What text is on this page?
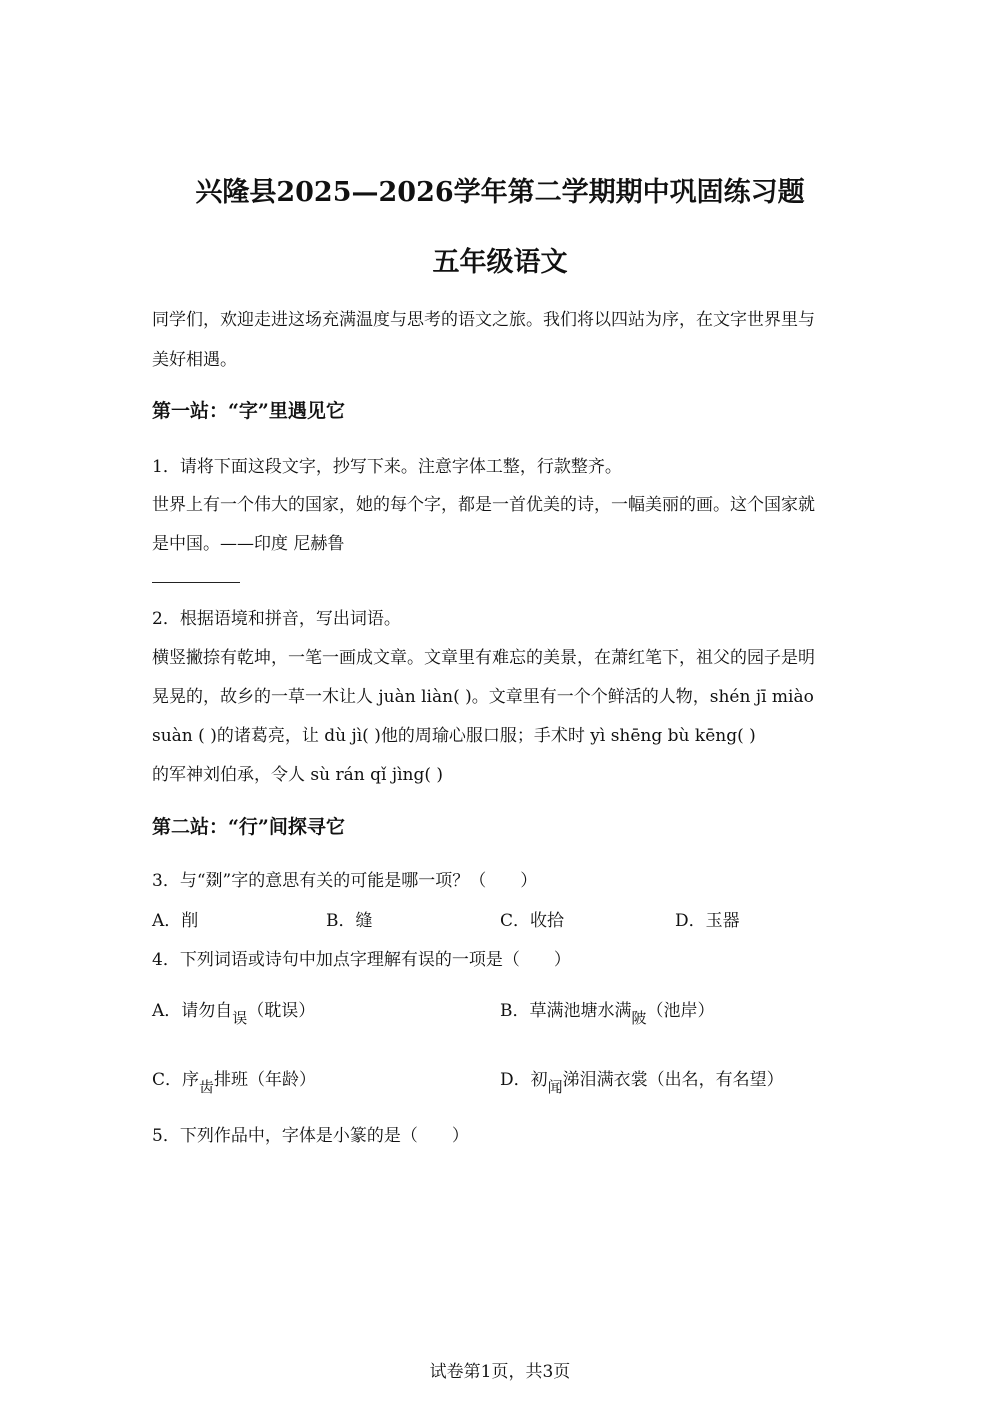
兴隆县2025—2026学年第二学期期中巩固练习题
五年级语文
同学们，欢迎走进这场充满温度与思考的语文之旅。我们将以四站为序，在文字世界里与
美好相遇。
第一站：“字”里遇见它
1．请将下面这段文字，抄写下来。注意字体工整，行款整齐。
世界上有一个伟大的国家，她的每个字，都是一首优美的诗，一幅美丽的画。这个国家就
是中国。——印度 尼赫鲁
2．根据语境和拼音，写出词语。
横竖撇捺有乾坤，一笔一画成文章。文章里有难忘的美景，在萧红笔下，祖父的园子是明
晃晃的，故乡的一草一木让人 juàn liàn( )。文章里有一个个鲜活的人物，shén jī miào
suàn ( )的诸葛亮，让 dù jì( )他的周瑜心服口服；手术时 yì shēng bù kēng( )
的军神刘伯承，令人 sù rán qǐ jìng( )
第二站：“行”间探寻它
3．与“剟”字的意思有关的可能是哪一项？（　　）
A．削	B．缝	C．收拾	D．玉器
4．下列词语或诗句中加点字理解有误的一项是（　　）
A．请勿自误（耽误）	B．草满池塘水满陂（池岸）
C．序齿排班（年龄）	D．初闻涕泪满衣裳（出名，有名望）
5．下列作品中，字体是小篆的是（　　）
试卷第1页，共3页
